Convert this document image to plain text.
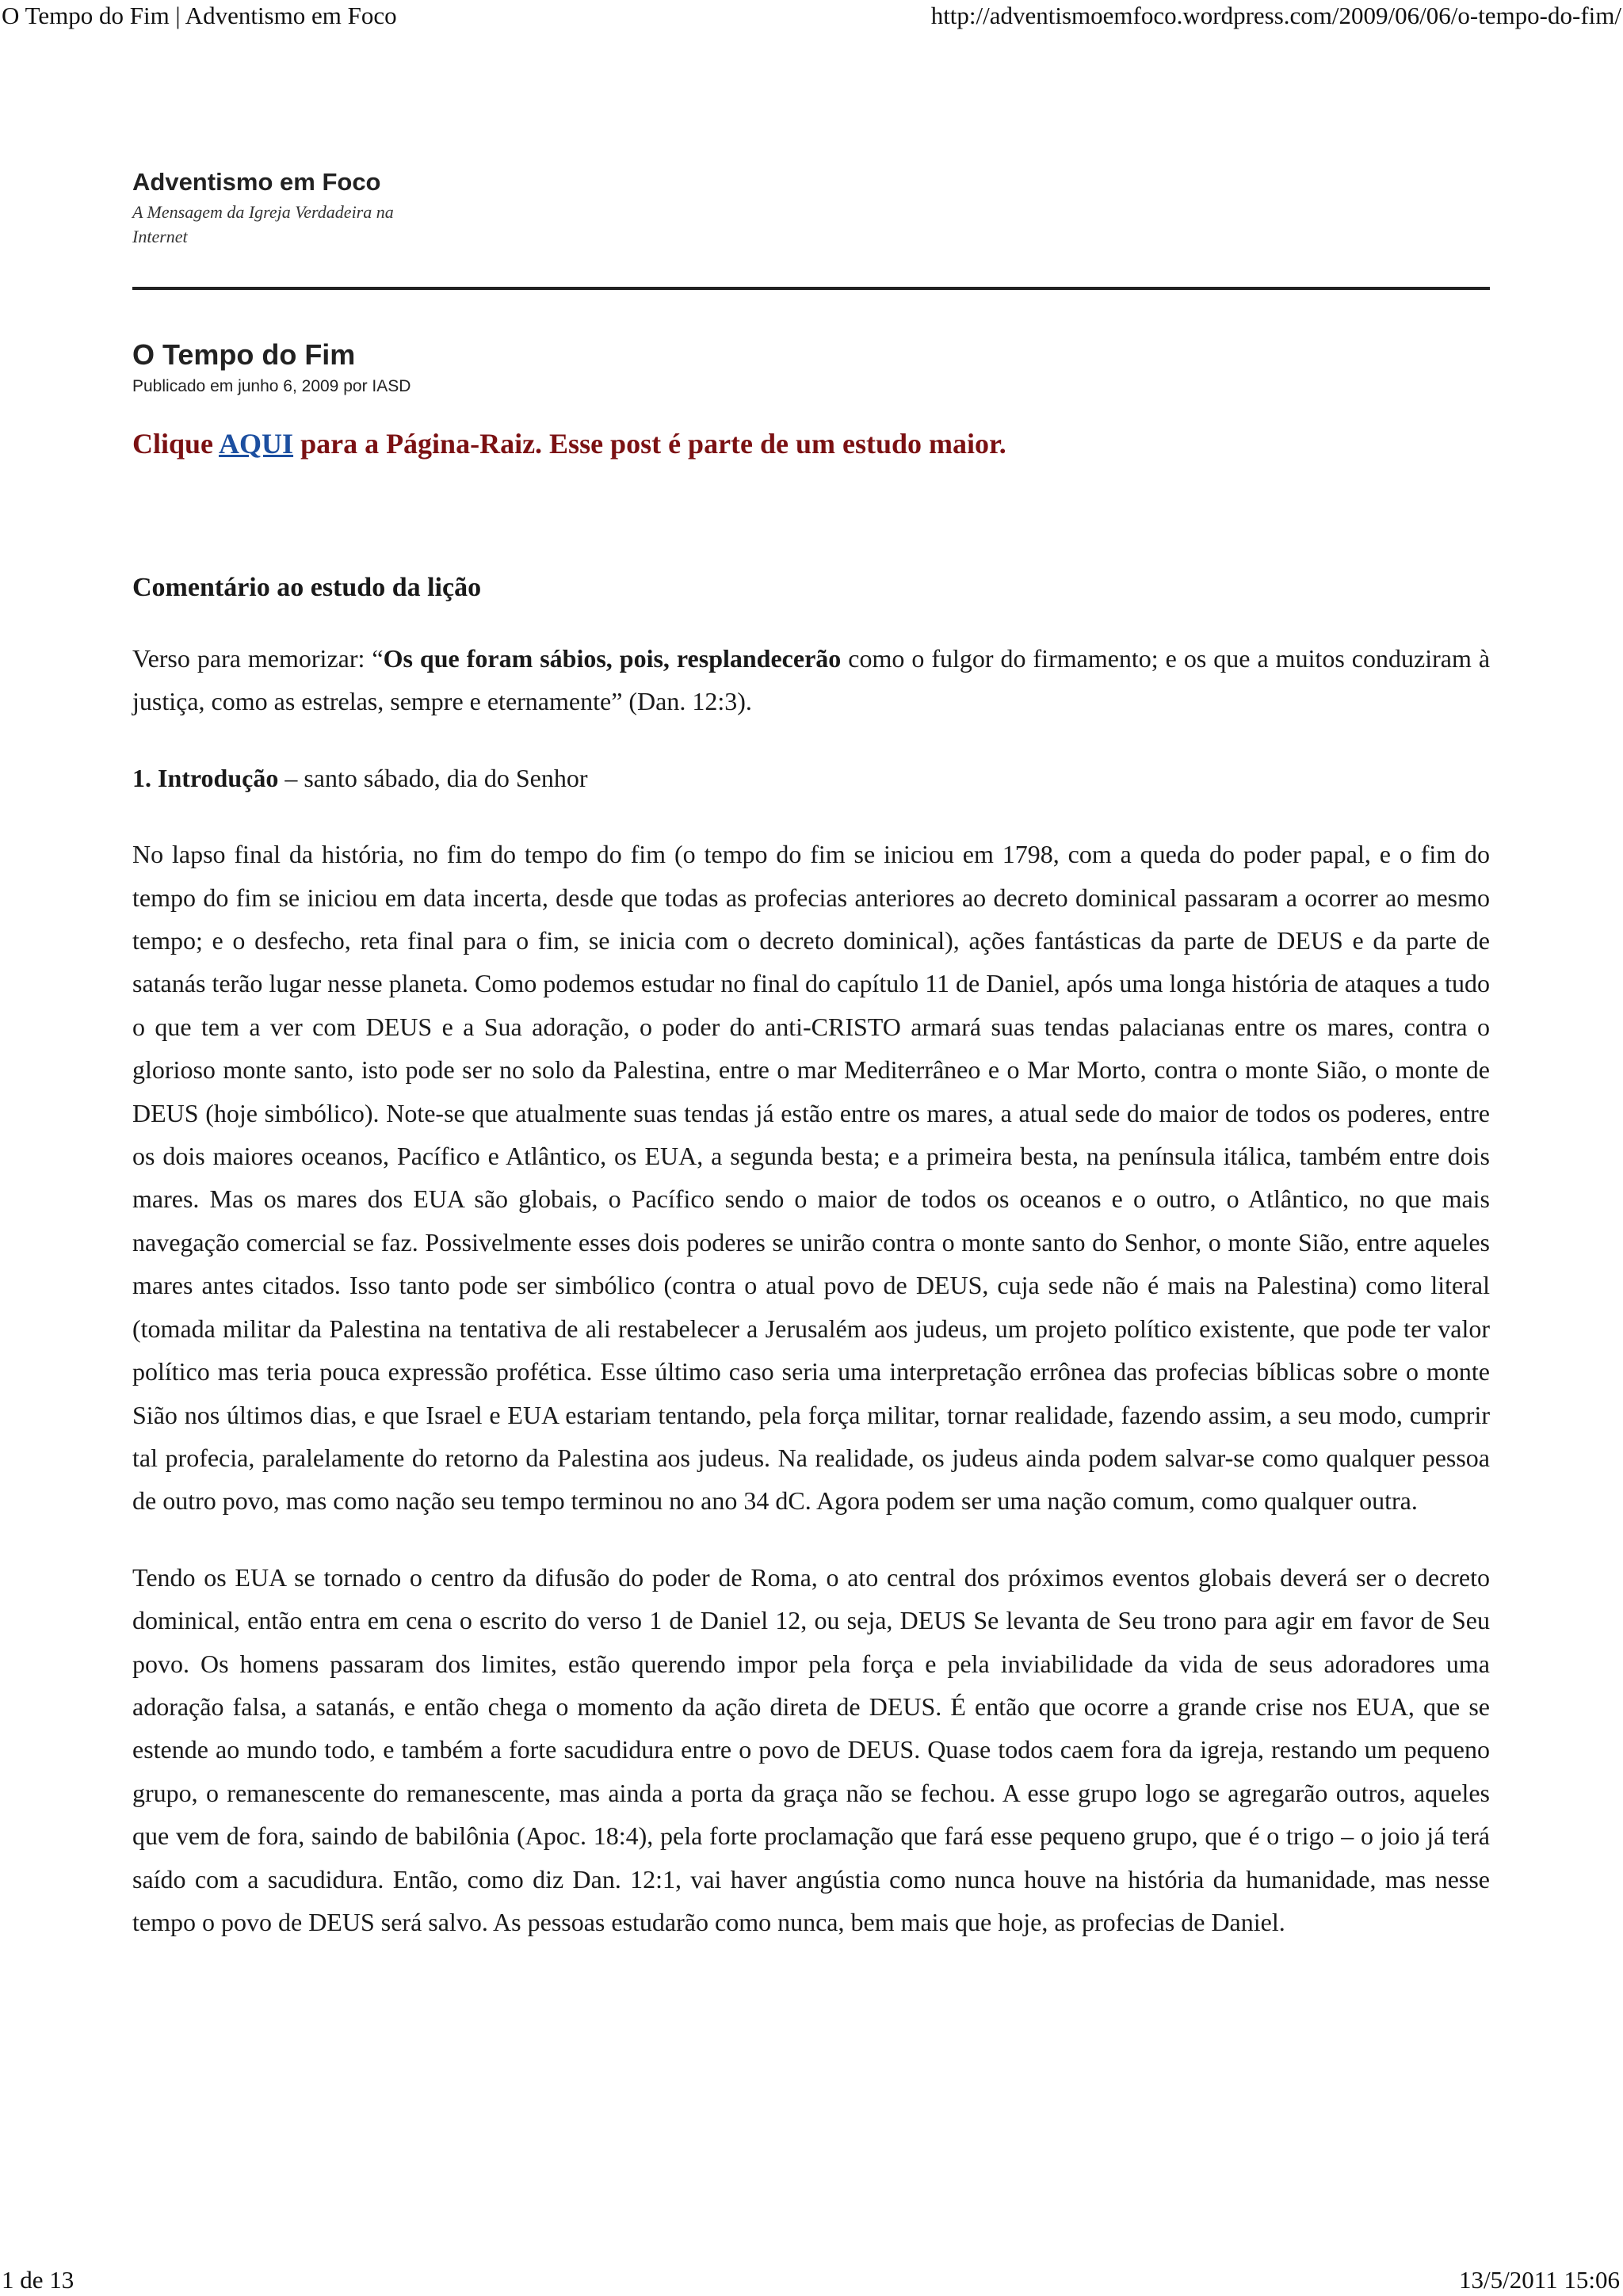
O Tempo do Fim | Adventismo em Foco	http://adventismoemfoco.wordpress.com/2009/06/06/o-tempo-do-fim/
Adventismo em Foco
A Mensagem da Igreja Verdadeira na Internet
O Tempo do Fim
Publicado em junho 6, 2009 por IASD
Clique AQUI para a Página-Raiz. Esse post é parte de um estudo maior.
Comentário ao estudo da lição
Verso para memorizar: “Os que foram sábios, pois, resplandecerão como o fulgor do firmamento; e os que a muitos conduziram à justiça, como as estrelas, sempre e eternamente” (Dan. 12:3).
1. Introdução – santo sábado, dia do Senhor
No lapso final da história, no fim do tempo do fim (o tempo do fim se iniciou em 1798, com a queda do poder papal, e o fim do tempo do fim se iniciou em data incerta, desde que todas as profecias anteriores ao decreto dominical passaram a ocorrer ao mesmo tempo; e o desfecho, reta final para o fim, se inicia com o decreto dominical), ações fantásticas da parte de DEUS e da parte de satanás terão lugar nesse planeta. Como podemos estudar no final do capítulo 11 de Daniel, após uma longa história de ataques a tudo o que tem a ver com DEUS e a Sua adoração, o poder do anti-CRISTO armará suas tendas palacianas entre os mares, contra o glorioso monte santo, isto pode ser no solo da Palestina, entre o mar Mediterrâneo e o Mar Morto, contra o monte Sião, o monte de DEUS (hoje simbólico). Note-se que atualmente suas tendas já estão entre os mares, a atual sede do maior de todos os poderes, entre os dois maiores oceanos, Pacífico e Atlântico, os EUA, a segunda besta; e a primeira besta, na península itálica, também entre dois mares. Mas os mares dos EUA são globais, o Pacífico sendo o maior de todos os oceanos e o outro, o Atlântico, no que mais navegação comercial se faz. Possivelmente esses dois poderes se unirão contra o monte santo do Senhor, o monte Sião, entre aqueles mares antes citados. Isso tanto pode ser simbólico (contra o atual povo de DEUS, cuja sede não é mais na Palestina) como literal (tomada militar da Palestina na tentativa de ali restabelecer a Jerusalém aos judeus, um projeto político existente, que pode ter valor político mas teria pouca expressão profética. Esse último caso seria uma interpretação errônea das profecias bíblicas sobre o monte Sião nos últimos dias, e que Israel e EUA estariam tentando, pela força militar, tornar realidade, fazendo assim, a seu modo, cumprir tal profecia, paralelamente do retorno da Palestina aos judeus. Na realidade, os judeus ainda podem salvar-se como qualquer pessoa de outro povo, mas como nação seu tempo terminou no ano 34 dC. Agora podem ser uma nação comum, como qualquer outra.
Tendo os EUA se tornado o centro da difusão do poder de Roma, o ato central dos próximos eventos globais deverá ser o decreto dominical, então entra em cena o escrito do verso 1 de Daniel 12, ou seja, DEUS Se levanta de Seu trono para agir em favor de Seu povo. Os homens passaram dos limites, estão querendo impor pela força e pela inviabilidade da vida de seus adoradores uma adoração falsa, a satanás, e então chega o momento da ação direta de DEUS. É então que ocorre a grande crise nos EUA, que se estende ao mundo todo, e também a forte sacudidura entre o povo de DEUS. Quase todos caem fora da igreja, restando um pequeno grupo, o remanescente do remanescente, mas ainda a porta da graça não se fechou. A esse grupo logo se agregarão outros, aqueles que vem de fora, saindo de babilônia (Apoc. 18:4), pela forte proclamação que fará esse pequeno grupo, que é o trigo – o joio já terá saído com a sacudidura. Então, como diz Dan. 12:1, vai haver angústia como nunca houve na história da humanidade, mas nesse tempo o povo de DEUS será salvo. As pessoas estudarão como nunca, bem mais que hoje, as profecias de Daniel.
1 de 13	13/5/2011 15:06
